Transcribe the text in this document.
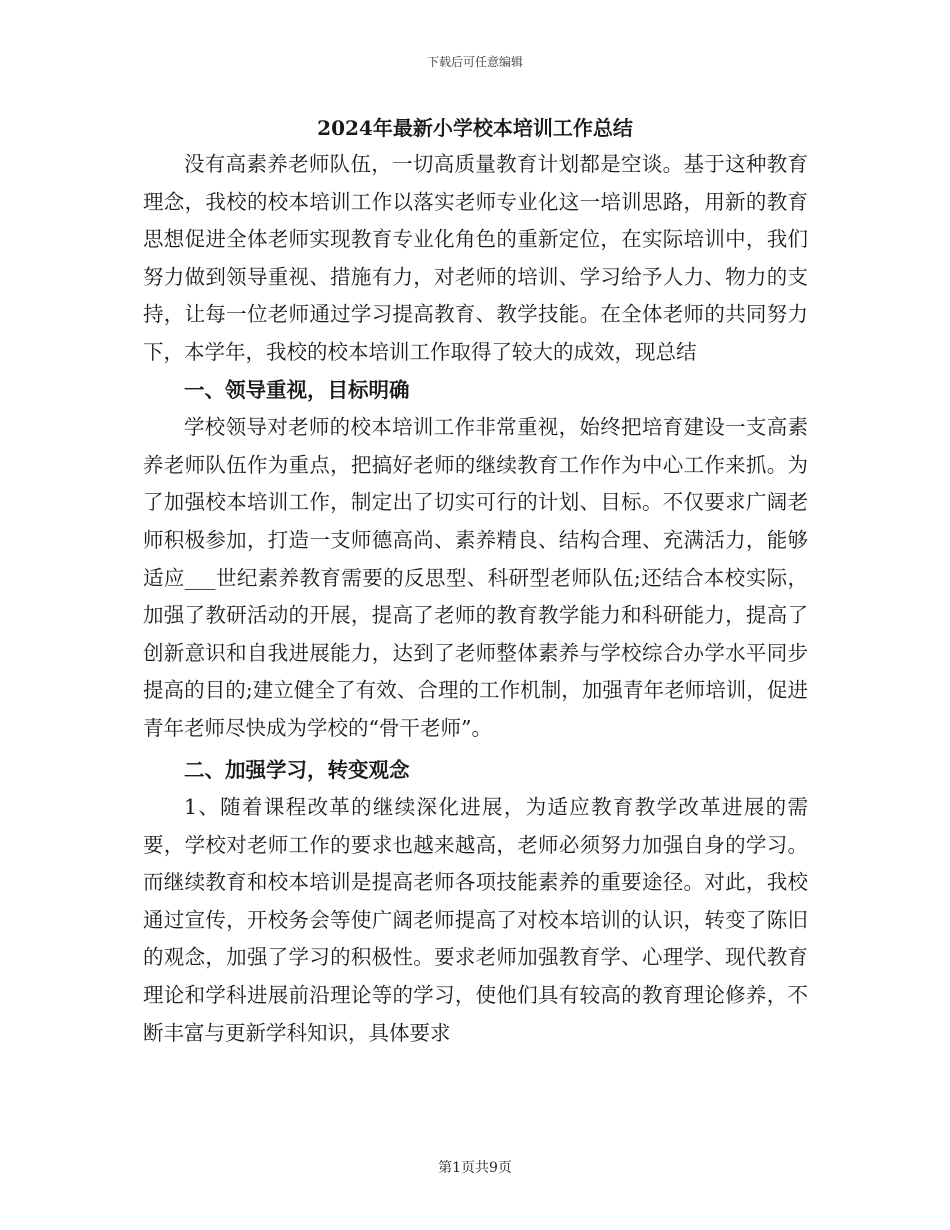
下载后可任意编辑
2024年最新小学校本培训工作总结

没有高素养老师队伍，一切高质量教育计划都是空谈。基于这种教育理念，我校的校本培训工作以落实老师专业化这一培训思路，用新的教育思想促进全体老师实现教育专业化角色的重新定位，在实际培训中，我们努力做到领导重视、措施有力，对老师的培训、学习给予人力、物力的支持，让每一位老师通过学习提高教育、教学技能。在全体老师的共同努力下，本学年，我校的校本培训工作取得了较大的成效，现总结

一、领导重视，目标明确

学校领导对老师的校本培训工作非常重视，始终把培育建设一支高素养老师队伍作为重点，把搞好老师的继续教育工作作为中心工作来抓。为了加强校本培训工作，制定出了切实可行的计划、目标。不仅要求广阔老师积极参加，打造一支师德高尚、素养精良、结构合理、充满活力，能够适应___世纪素养教育需要的反思型、科研型老师队伍;还结合本校实际，加强了教研活动的开展，提高了老师的教育教学能力和科研能力，提高了创新意识和自我进展能力，达到了老师整体素养与学校综合办学水平同步提高的目的;建立健全了有效、合理的工作机制，加强青年老师培训，促进青年老师尽快成为学校的“骨干老师”。

二、加强学习，转变观念

1、随着课程改革的继续深化进展，为适应教育教学改革进展的需要，学校对老师工作的要求也越来越高，老师必须努力加强自身的学习。而继续教育和校本培训是提高老师各项技能素养的重要途径。对此，我校通过宣传，开校务会等使广阔老师提高了对校本培训的认识，转变了陈旧的观念，加强了学习的积极性。要求老师加强教育学、心理学、现代教育理论和学科进展前沿理论等的学习，使他们具有较高的教育理论修养，不断丰富与更新学科知识，具体要求

第1页共9页
